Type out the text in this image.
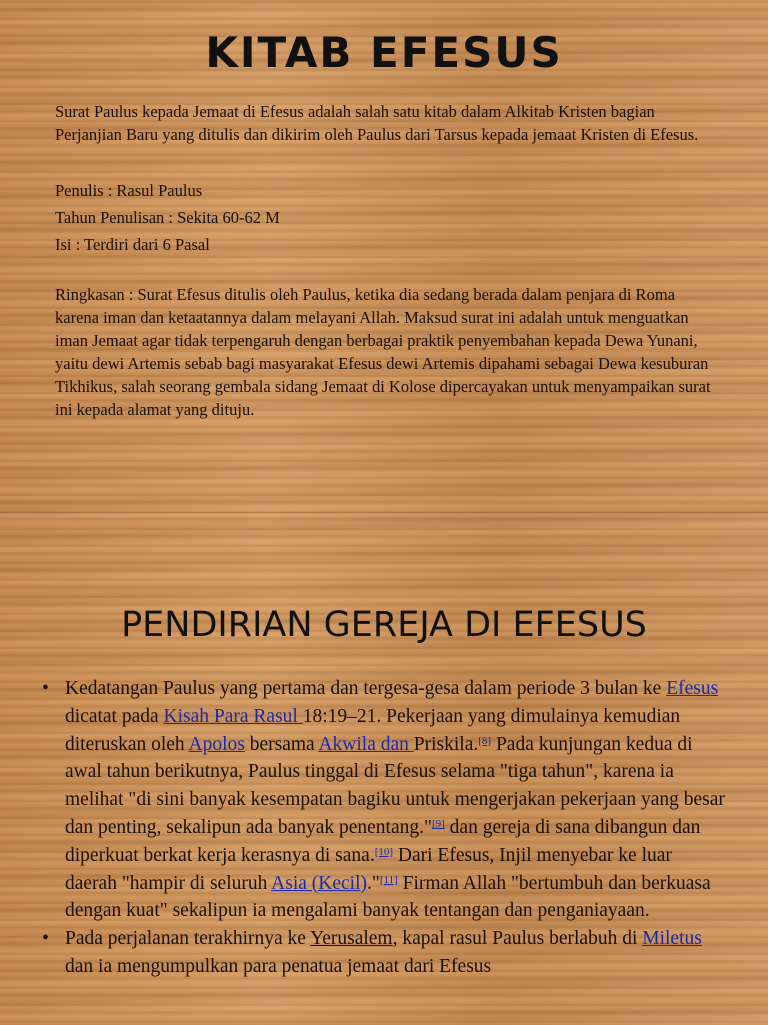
KITAB EFESUS

Surat Paulus kepada Jemaat di Efesus adalah salah satu kitab dalam Alkitab Kristen bagian Perjanjian Baru yang ditulis dan dikirim oleh Paulus dari Tarsus kepada jemaat Kristen di Efesus.

Penulis : Rasul Paulus

Tahun Penulisan : Sekita 60-62 M

Isi : Terdiri dari 6 Pasal

Ringkasan : Surat Efesus ditulis oleh Paulus, ketika dia sedang berada dalam penjara di Roma karena iman dan ketaatannya dalam melayani Allah. Maksud surat ini adalah untuk menguatkan iman Jemaat agar tidak terpengaruh dengan berbagai praktik penyembahan kepada Dewa Yunani, yaitu dewi Artemis sebab bagi masyarakat Efesus dewi Artemis dipahami sebagai Dewa kesuburan Tikhikus, salah seorang gembala sidang Jemaat di Kolose dipercayakan untuk menyampaikan surat ini kepada alamat yang dituju.

PENDIRIAN GEREJA DI EFESUS

• Kedatangan Paulus yang pertama dan tergesa-gesa dalam periode 3 bulan ke Efesus dicatat pada Kisah Para Rasul 18:19–21. Pekerjaan yang dimulainya kemudian diteruskan oleh Apolos bersama Akwila dan Priskila.[8] Pada kunjungan kedua di awal tahun berikutnya, Paulus tinggal di Efesus selama "tiga tahun", karena ia melihat "di sini banyak kesempatan bagiku untuk mengerjakan pekerjaan yang besar dan penting, sekalipun ada banyak penentang."[9] dan gereja di sana dibangun dan diperkuat berkat kerja kerasnya di sana.[10] Dari Efesus, Injil menyebar ke luar daerah "hampir di seluruh Asia (Kecil)."[11] Firman Allah "bertumbuh dan berkuasa dengan kuat" sekalipun ia mengalami banyak tentangan dan penganiayaan.

• Pada perjalanan terakhirnya ke Yerusalem, kapal rasul Paulus berlabuh di Miletus dan ia mengumpulkan para penatua jemaat dari Efesus
